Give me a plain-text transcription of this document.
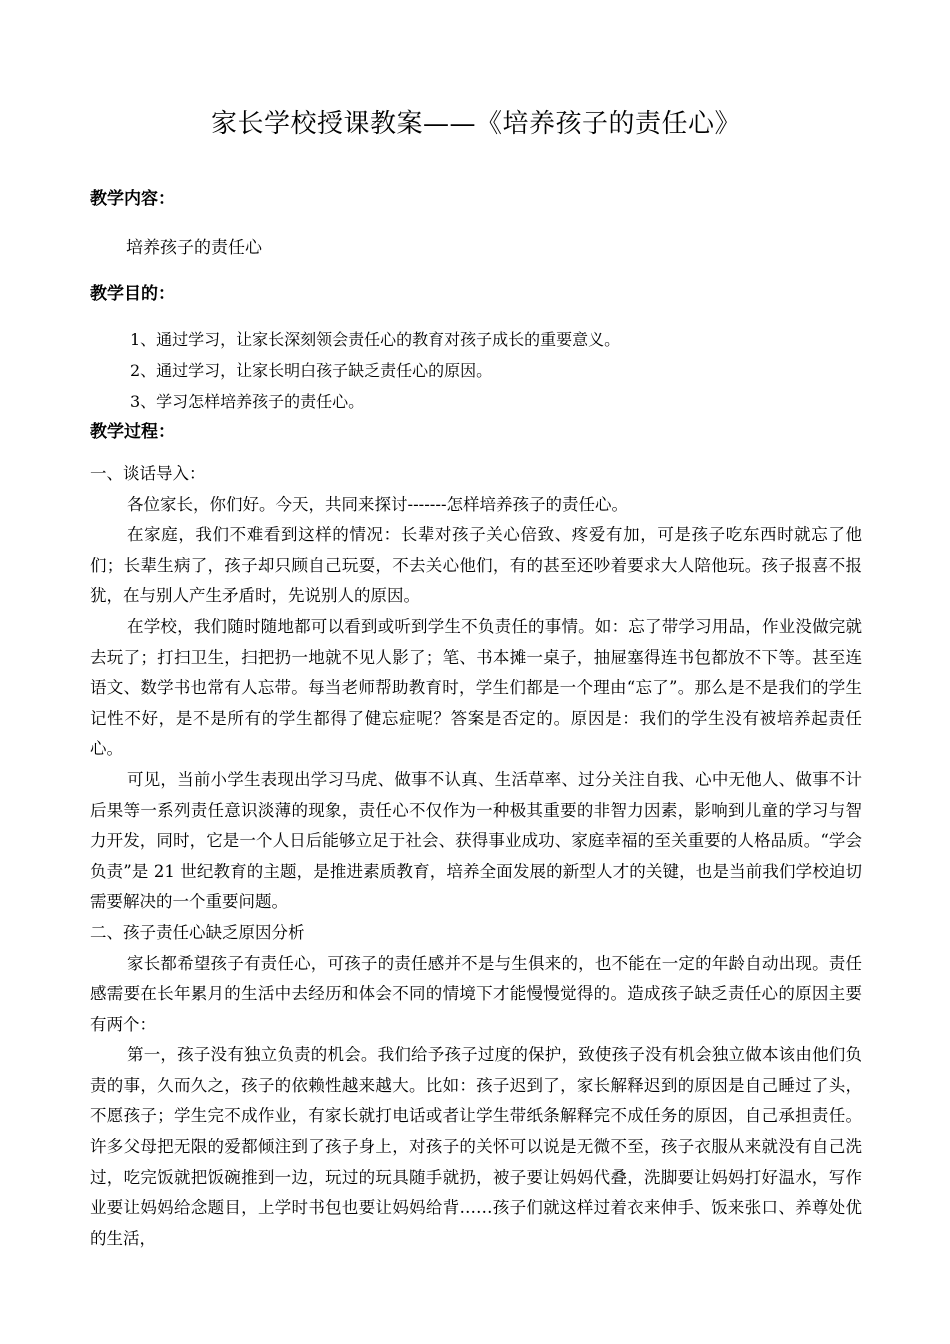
家长学校授课教案——《培养孩子的责任心》

教学内容：

培养孩子的责任心

教学目的：

1、通过学习，让家长深刻领会责任心的教育对孩子成长的重要意义。
2、通过学习，让家长明白孩子缺乏责任心的原因。
3、学习怎样培养孩子的责任心。

教学过程：

一、谈话导入：

各位家长，你们好。今天，共同来探讨-------怎样培养孩子的责任心。

在家庭，我们不难看到这样的情况：长辈对孩子关心倍致、疼爱有加，可是孩子吃东西时就忘了他们；长辈生病了，孩子却只顾自己玩耍，不去关心他们，有的甚至还吵着要求大人陪他玩。孩子报喜不报犹，在与别人产生矛盾时，先说别人的原因。

在学校，我们随时随地都可以看到或听到学生不负责任的事情。如：忘了带学习用品，作业没做完就去玩了；打扫卫生，扫把扔一地就不见人影了；笔、书本摊一桌子，抽屉塞得连书包都放不下等。甚至连语文、数学书也常有人忘带。每当老师帮助教育时，学生们都是一个理由“忘了”。那么是不是我们的学生记性不好，是不是所有的学生都得了健忘症呢？答案是否定的。原因是：我们的学生没有被培养起责任心。

可见，当前小学生表现出学习马虎、做事不认真、生活草率、过分关注自我、心中无他人、做事不计后果等一系列责任意识淡薄的现象，责任心不仅作为一种极其重要的非智力因素，影响到儿童的学习与智力开发，同时，它是一个人日后能够立足于社会、获得事业成功、家庭幸福的至关重要的人格品质。“学会负责”是 21 世纪教育的主题，是推进素质教育，培养全面发展的新型人才的关键，也是当前我们学校迫切需要解决的一个重要问题。

二、孩子责任心缺乏原因分析

家长都希望孩子有责任心，可孩子的责任感并不是与生俱来的，也不能在一定的年龄自动出现。责任感需要在长年累月的生活中去经历和体会不同的情境下才能慢慢觉得的。造成孩子缺乏责任心的原因主要有两个：

第一，孩子没有独立负责的机会。我们给予孩子过度的保护，致使孩子没有机会独立做本该由他们负责的事，久而久之，孩子的依赖性越来越大。比如：孩子迟到了，家长解释迟到的原因是自己睡过了头，不愿孩子；学生完不成作业，有家长就打电话或者让学生带纸条解释完不成任务的原因，自己承担责任。许多父母把无限的爱都倾注到了孩子身上，对孩子的关怀可以说是无微不至，孩子衣服从来就没有自己洗过，吃完饭就把饭碗推到一边，玩过的玩具随手就扔，被子要让妈妈代叠，洗脚要让妈妈打好温水，写作业要让妈妈给念题目，上学时书包也要让妈妈给背……孩子们就这样过着衣来伸手、饭来张口、养尊处优的生活，
